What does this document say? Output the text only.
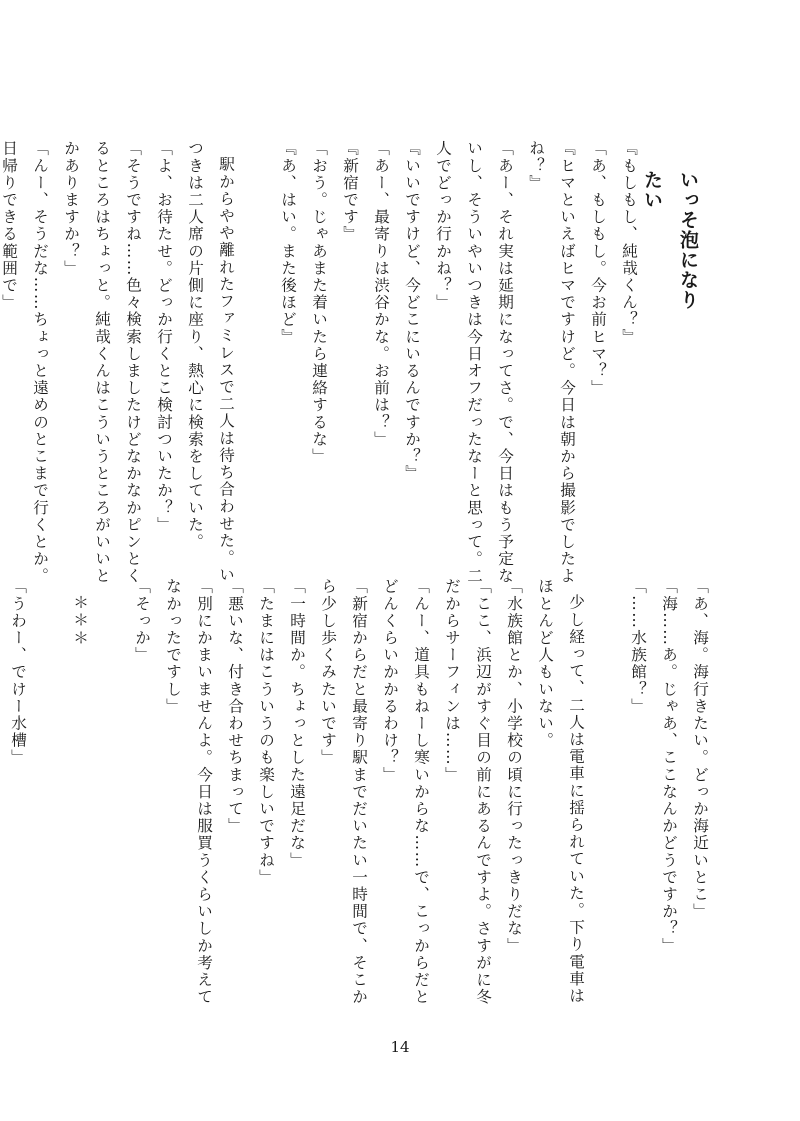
いっそ泡になりたい

『もしもし、純哉くん？』

「あ、もしもし。今お前ヒマ？」

『ヒマといえばヒマですけど。今日は朝から撮影でしたよね？』

「あー、それ実は延期になってさ。で、今日はもう予定ないし、そういやいつきは今日オフだったなーと思って。二人でどっか行かね？」

『いいですけど、今どこにいるんですか？』

「あー、最寄りは渋谷かな。お前は？」

『新宿です』

「おう。じゃあまた着いたら連絡するな」

『あ、はい。また後ほど』

駅からやや離れたファミレスで二人は待ち合わせた。いつきは二人席の片側に座り、熱心に検索をしていた。

「よ、お待たせ。どっか行くとこ検討ついたか？」

「そうですね……色々検索しましたけどなかなかピンとくるところはちょっと。純哉くんはこういうところがいいとかありますか？」

「んー、そうだな……ちょっと遠めのとこまで行くとか。日帰りできる範囲で」

「あ、海。海行きたい。どっか海近いとこ」

「海……あ。じゃあ、ここなんかどうですか？」

「……水族館？」

少し経って、二人は電車に揺られていた。下り電車はほとんど人もいない。

「水族館とか、小学校の頃に行ったっきりだな」

「ここ、浜辺がすぐ目の前にあるんですよ。さすがに冬だからサーフィンは……」

「んー、道具もねーし寒いからな……で、こっからだとどんくらいかかるわけ？」

「新宿からだと最寄り駅までだいたい一時間で、そこから少し歩くみたいです」

「一時間か。ちょっとした遠足だな」

「たまにはこういうのも楽しいですね」

「悪いな、付き合わせちまって」

「別にかまいませんよ。今日は服買うくらいしか考えてなかったですし」

「そっか」

＊＊＊

「うわー、でけー水槽」

14
